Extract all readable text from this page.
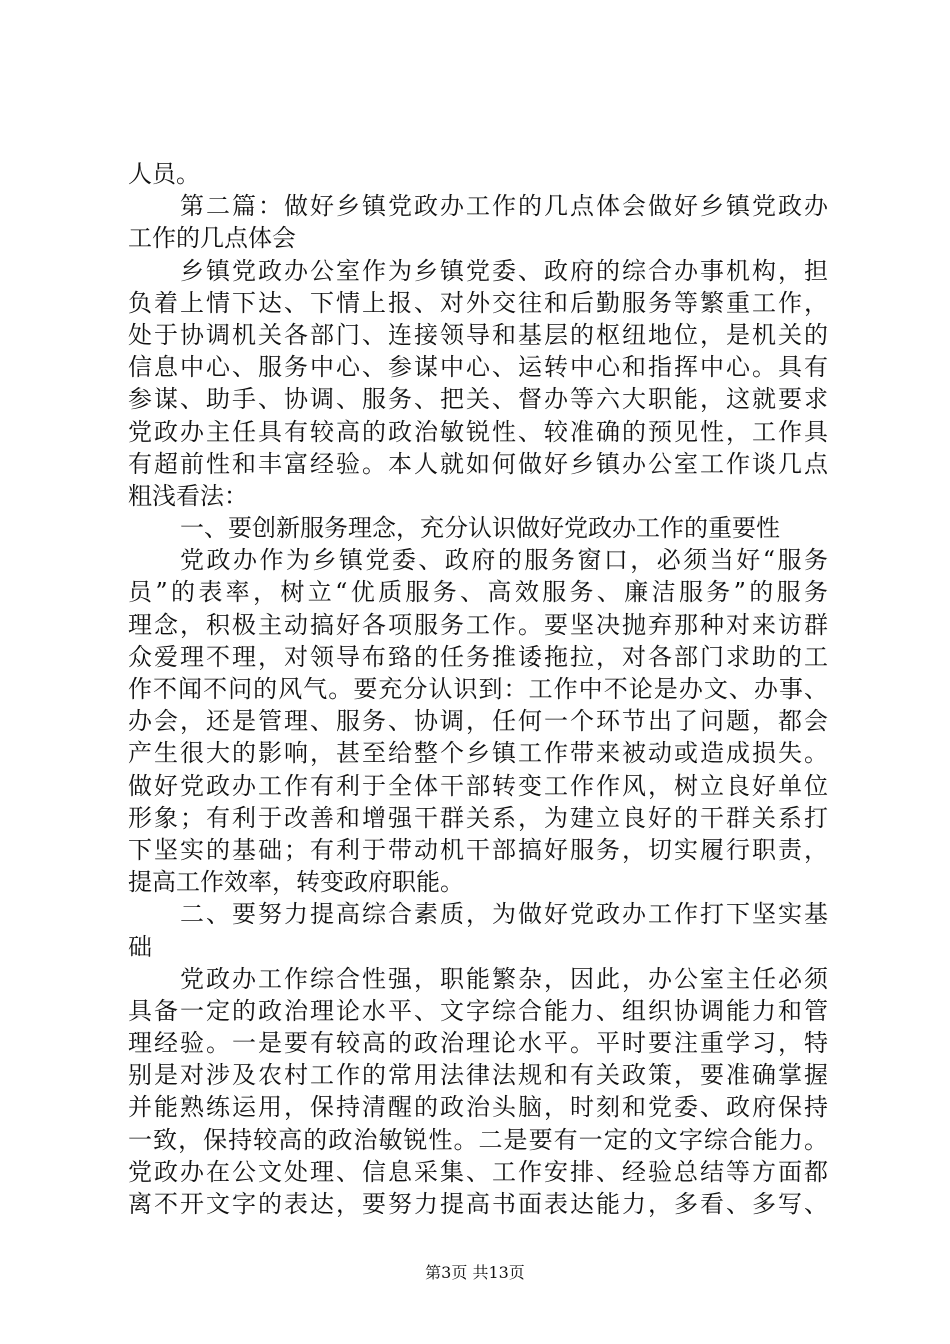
人员。
第二篇：做好乡镇党政办工作的几点体会做好乡镇党政办
工作的几点体会
乡镇党政办公室作为乡镇党委、政府的综合办事机构，担
负着上情下达、下情上报、对外交往和后勤服务等繁重工作，
处于协调机关各部门、连接领导和基层的枢纽地位，是机关的
信息中心、服务中心、参谋中心、运转中心和指挥中心。具有
参谋、助手、协调、服务、把关、督办等六大职能，这就要求
党政办主任具有较高的政治敏锐性、较准确的预见性，工作具
有超前性和丰富经验。本人就如何做好乡镇办公室工作谈几点
粗浅看法：
一、要创新服务理念，充分认识做好党政办工作的重要性
党政办作为乡镇党委、政府的服务窗口，必须当好“服务
员”的表率，树立“优质服务、高效服务、廉洁服务”的服务
理念，积极主动搞好各项服务工作。要坚决抛弃那种对来访群
众爱理不理，对领导布臵的任务推诿拖拉，对各部门求助的工
作不闻不问的风气。要充分认识到：工作中不论是办文、办事、
办会，还是管理、服务、协调，任何一个环节出了问题，都会
产生很大的影响，甚至给整个乡镇工作带来被动或造成损失。
做好党政办工作有利于全体干部转变工作作风，树立良好单位
形象；有利于改善和增强干群关系，为建立良好的干群关系打
下坚实的基础；有利于带动机干部搞好服务，切实履行职责，
提高工作效率，转变政府职能。
二、要努力提高综合素质，为做好党政办工作打下坚实基
础
党政办工作综合性强，职能繁杂，因此，办公室主任必须
具备一定的政治理论水平、文字综合能力、组织协调能力和管
理经验。一是要有较高的政治理论水平。平时要注重学习，特
别是对涉及农村工作的常用法律法规和有关政策，要准确掌握
并能熟练运用，保持清醒的政治头脑，时刻和党委、政府保持
一致，保持较高的政治敏锐性。二是要有一定的文字综合能力。
党政办在公文处理、信息采集、工作安排、经验总结等方面都
离不开文字的表达，要努力提高书面表达能力，多看、多写、
第3页 共13页
